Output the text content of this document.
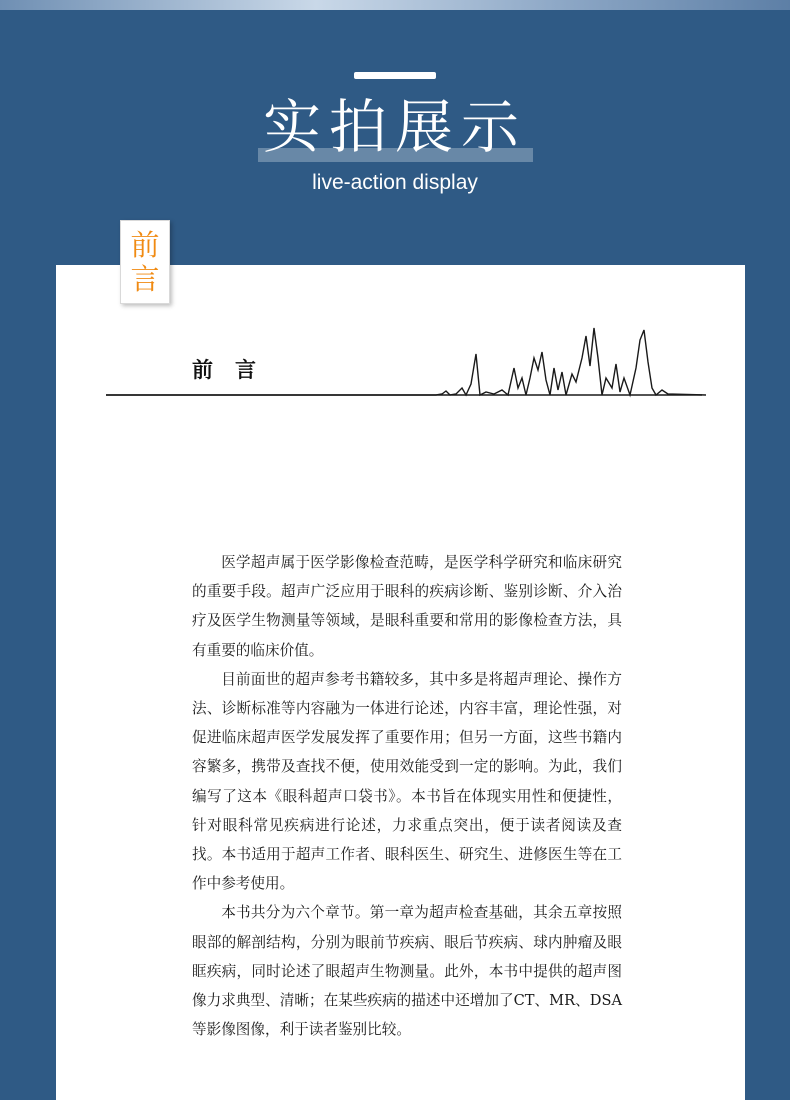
实拍展示
live-action display
前言
前言

医学超声属于医学影像检查范畴，是医学科学研究和临床研究的重要手段。超声广泛应用于眼科的疾病诊断、鉴别诊断、介入治疗及医学生物测量等领域，是眼科重要和常用的影像检查方法，具有重要的临床价值。

目前面世的超声参考书籍较多，其中多是将超声理论、操作方法、诊断标准等内容融为一体进行论述，内容丰富，理论性强，对促进临床超声医学发展发挥了重要作用；但另一方面，这些书籍内容繁多，携带及查找不便，使用效能受到一定的影响。为此，我们编写了这本《眼科超声口袋书》。本书旨在体现实用性和便捷性，针对眼科常见疾病进行论述，力求重点突出，便于读者阅读及查找。本书适用于超声工作者、眼科医生、研究生、进修医生等在工作中参考使用。

本书共分为六个章节。第一章为超声检查基础，其余五章按照眼部的解剖结构，分别为眼前节疾病、眼后节疾病、球内肿瘤及眼眶疾病，同时论述了眼超声生物测量。此外，本书中提供的超声图像力求典型、清晰；在某些疾病的描述中还增加了CT、MR、DSA等影像图像，利于读者鉴别比较。
